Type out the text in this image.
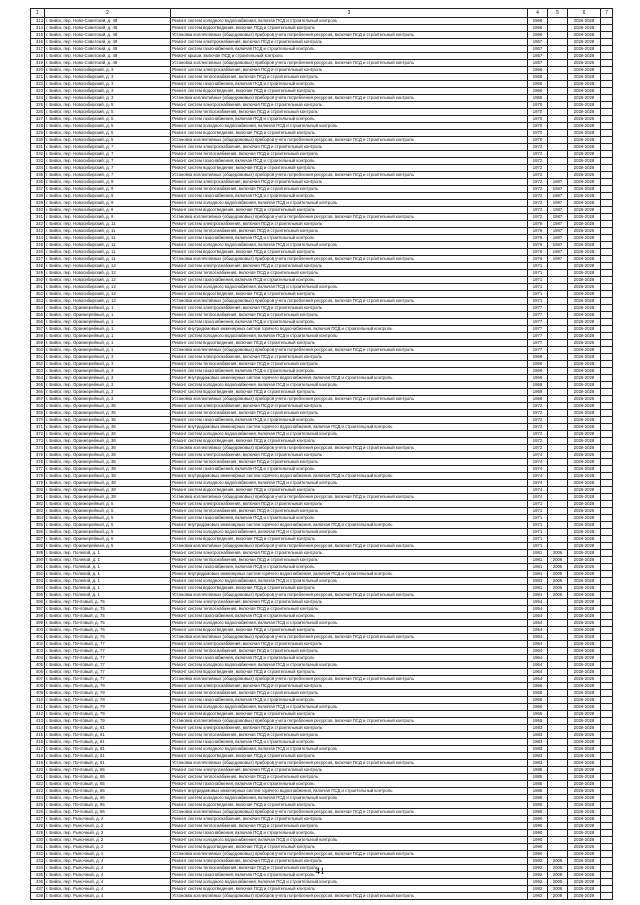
1	2	3	4	5	6	7
313	г. Бийск, пер. Ново-Советский, д. 48	Ремонт систем холодного водоснабжения, включая ПСД и строительный контроль	1968		2026-2028	
314	г. Бийск, пер. Ново-Советский, д. 48	Ремонт систем водоотведения, включая ПСД и строительный контроль	1968		2026-2028	
315	г. Бийск, пер. Ново-Советский, д. 48	Установка коллективных (общедомовых) приборов учета потребления ресурсов, включая ПСД и строительный контроль	1968		2026-2028	
316	г. Бийск, пер. Ново-Советский, д. 49	Ремонт систем электроснабжения, включая ПСД и строительный контроль	1957		2026-2028	
317	г. Бийск, пер. Ново-Советский, д. 49	Ремонт систем газоснабжения, включая ПСД и строительный контроль	1957		2026-2028	
318	г. Бийск, пер. Ново-Советский, д. 49	Ремонт крыши, включая ПСД и строительный контроль	1957		2026-2028	
319	г. Бийск, пер. Ново-Советский, д. 49	Установка коллективных (общедомовых) приборов учета потребления ресурсов, включая ПСД и строительный контроль	1957		2026-2028	
320	г. Бийск, пер. Новосибирский, д. 3	Ремонт систем электроснабжения, включая ПСД и строительный контроль	1965		2026-2028	
321	г. Бийск, пер. Новосибирский, д. 3	Ремонт систем теплоснабжения, включая ПСД и строительный контроль	1965		2026-2028	
322	г. Бийск, пер. Новосибирский, д. 3	Ремонт систем газоснабжения, включая ПСД и строительный контроль	1965		2026-2028	
323	г. Бийск, пер. Новосибирский, д. 3	Ремонт систем водоотведения, включая ПСД и строительный контроль	1965		2026-2028	
324	г. Бийск, пер. Новосибирский, д. 3	Установка коллективных (общедомовых) приборов учета потребления ресурсов, включая ПСД и строительный контроль	1965		2026-2028	
325	г. Бийск, пер. Новосибирский, д. 5	Ремонт систем электроснабжения, включая ПСД и строительный контроль	1970		2026-2028	
326	г. Бийск, пер. Новосибирский, д. 5	Ремонт систем теплоснабжения, включая ПСД и строительный контроль	1970		2026-2028	
327	г. Бийск, пер. Новосибирский, д. 5	Ремонт систем газоснабжения, включая ПСД и строительный контроль	1970		2026-2028	
328	г. Бийск, пер. Новосибирский, д. 5	Ремонт систем холодного водоснабжения, включая ПСД и строительный контроль	1970		2026-2028	
329	г. Бийск, пер. Новосибирский, д. 5	Ремонт систем водоотведения, включая ПСД и строительный контроль	1970		2026-2028	
330	г. Бийск, пер. Новосибирский, д. 5	Установка коллективных (общедомовых) приборов учета потребления ресурсов, включая ПСД и строительный контроль	1970		2026-2028	
331	г. Бийск, пер. Новосибирский, д. 7	Ремонт систем электроснабжения, включая ПСД и строительный контроль	1972		2026-2028	
332	г. Бийск, пер. Новосибирский, д. 7	Ремонт систем теплоснабжения, включая ПСД и строительный контроль	1972		2026-2028	
333	г. Бийск, пер. Новосибирский, д. 7	Ремонт систем газоснабжения, включая ПСД и строительный контроль	1972		2026-2028	
334	г. Бийск, пер. Новосибирский, д. 7	Ремонт систем водоотведения, включая ПСД и строительный контроль	1972		2026-2028	
335	г. Бийск, пер. Новосибирский, д. 7	Установка коллективных (общедомовых) приборов учета потребления ресурсов, включая ПСД и строительный контроль	1972		2026-2028	
336	г. Бийск, пер. Новосибирский, д. 9	Ремонт систем электроснабжения, включая ПСД и строительный контроль	1972	1987	2026-2028	
337	г. Бийск, пер. Новосибирский, д. 9	Ремонт систем теплоснабжения, включая ПСД и строительный контроль	1972	1987	2026-2028	
338	г. Бийск, пер. Новосибирский, д. 9	Ремонт систем газоснабжения, включая ПСД и строительный контроль	1972	1987	2026-2028	
339	г. Бийск, пер. Новосибирский, д. 9	Ремонт систем холодного водоснабжения, включая ПСД и строительный контроль	1972	1987	2026-2028	
340	г. Бийск, пер. Новосибирский, д. 9	Ремонт систем водоотведения, включая ПСД и строительный контроль	1972	1987	2026-2028	
341	г. Бийск, пер. Новосибирский, д. 9	Установка коллективных (общедомовых) приборов учета потребления ресурсов, включая ПСД и строительный контроль	1972	1987	2026-2028	
342	г. Бийск, пер. Новосибирский, д. 11	Ремонт систем электроснабжения, включая ПСД и строительный контроль	1976	1987	2026-2028	
343	г. Бийск, пер. Новосибирский, д. 11	Ремонт систем теплоснабжения, включая ПСД и строительный контроль	1976	1987	2026-2028	
344	г. Бийск, пер. Новосибирский, д. 11	Ремонт систем газоснабжения, включая ПСД и строительный контроль	1976	1987	2026-2028	
345	г. Бийск, пер. Новосибирский, д. 11	Ремонт систем холодного водоснабжения, включая ПСД и строительный контроль	1976	1987	2026-2028	
346	г. Бийск, пер. Новосибирский, д. 11	Ремонт систем водоотведения, включая ПСД и строительный контроль	1976	1987	2026-2028	
347	г. Бийск, пер. Новосибирский, д. 11	Установка коллективных (общедомовых) приборов учета потребления ресурсов, включая ПСД и строительный контроль	1976	1987	2026-2028	
348	г. Бийск, пер. Новосибирский, д. 12	Ремонт систем электроснабжения, включая ПСД и строительный контроль	1971		2026-2028	
349	г. Бийск, пер. Новосибирский, д. 12	Ремонт систем теплоснабжения, включая ПСД и строительный контроль	1971		2026-2028	
350	г. Бийск, пер. Новосибирский, д. 12	Ремонт систем газоснабжения, включая ПСД и строительный контроль	1971		2026-2028	
351	г. Бийск, пер. Новосибирский, д. 12	Ремонт систем холодного водоснабжения, включая ПСД и строительный контроль	1971		2026-2028	
352	г. Бийск, пер. Новосибирский, д. 12	Ремонт систем водоотведения, включая ПСД и строительный контроль	1971		2026-2028	
353	г. Бийск, пер. Новосибирский, д. 12	Установка коллективных (общедомовых) приборов учета потребления ресурсов, включая ПСД и строительный контроль	1971		2026-2028	
354	г. Бийск, пер. Оранжерейный, д. 1	Ремонт систем электроснабжения, включая ПСД и строительный контроль	1977		2026-2028	
355	г. Бийск, пер. Оранжерейный, д. 1	Ремонт систем теплоснабжения, включая ПСД и строительный контроль	1977		2026-2028	
356	г. Бийск, пер. Оранжерейный, д. 1	Ремонт систем газоснабжения, включая ПСД и строительный контроль	1977		2026-2028	
357	г. Бийск, пер. Оранжерейный, д. 1	Ремонт внутридомовых инженерных систем горячего водоснабжения, включая ПСД и строительный контроль	1977		2026-2028	
358	г. Бийск, пер. Оранжерейный, д. 1	Ремонт систем холодного водоснабжения, включая ПСД и строительный контроль	1977		2026-2028	
359	г. Бийск, пер. Оранжерейный, д. 1	Ремонт систем водоотведения, включая ПСД и строительный контроль	1977		2026-2028	
360	г. Бийск, пер. Оранжерейный, д. 1	Установка коллективных (общедомовых) приборов учета потребления ресурсов, включая ПСД и строительный контроль	1977		2026-2028	
361	г. Бийск, пер. Оранжерейный, д. 3	Ремонт систем электроснабжения, включая ПСД и строительный контроль	1969		2026-2028	
362	г. Бийск, пер. Оранжерейный, д. 3	Ремонт систем теплоснабжения, включая ПСД и строительный контроль	1969		2026-2028	
363	г. Бийск, пер. Оранжерейный, д. 3	Ремонт систем газоснабжения, включая ПСД и строительный контроль	1969		2026-2028	
364	г. Бийск, пер. Оранжерейный, д. 3	Ремонт внутридомовых инженерных систем горячего водоснабжения, включая ПСД и строительный контроль	1969		2026-2028	
365	г. Бийск, пер. Оранжерейный, д. 3	Ремонт систем холодного водоснабжения, включая ПСД и строительный контроль	1969		2026-2028	
366	г. Бийск, пер. Оранжерейный, д. 3	Ремонт систем водоотведения, включая ПСД и строительный контроль	1969		2026-2028	
367	г. Бийск, пер. Оранжерейный, д. 3	Установка коллективных (общедомовых) приборов учета потребления ресурсов, включая ПСД и строительный контроль	1969		2026-2028	
368	г. Бийск, пер. Оранжерейный, д. 36	Ремонт систем электроснабжения, включая ПСД и строительный контроль	1972		2026-2028	
369	г. Бийск, пер. Оранжерейный, д. 36	Ремонт систем теплоснабжения, включая ПСД и строительный контроль	1972		2026-2028	
370	г. Бийск, пер. Оранжерейный, д. 36	Ремонт систем газоснабжения, включая ПСД и строительный контроль	1972		2026-2028	
371	г. Бийск, пер. Оранжерейный, д. 36	Ремонт внутридомовых инженерных систем горячего водоснабжения, включая ПСД и строительный контроль	1972		2026-2028	
372	г. Бийск, пер. Оранжерейный, д. 36	Ремонт систем холодного водоснабжения, включая ПСД и строительный контроль	1972		2026-2028	
373	г. Бийск, пер. Оранжерейный, д. 36	Ремонт систем водоотведения, включая ПСД и строительный контроль	1972		2026-2028	
374	г. Бийск, пер. Оранжерейный, д. 36	Установка коллективных (общедомовых) приборов учета потребления ресурсов, включая ПСД и строительный контроль	1972		2026-2028	
375	г. Бийск, пер. Оранжерейный, д. 38	Ремонт систем электроснабжения, включая ПСД и строительный контроль	1974		2026-2028	
376	г. Бийск, пер. Оранжерейный, д. 38	Ремонт систем теплоснабжения, включая ПСД и строительный контроль	1974		2026-2028	
377	г. Бийск, пер. Оранжерейный, д. 38	Ремонт систем газоснабжения, включая ПСД и строительный контроль	1974		2026-2028	
378	г. Бийск, пер. Оранжерейный, д. 38	Ремонт внутридомовых инженерных систем горячего водоснабжения, включая ПСД и строительный контроль	1974		2026-2028	
379	г. Бийск, пер. Оранжерейный, д. 38	Ремонт систем холодного водоснабжения, включая ПСД и строительный контроль	1974		2026-2028	
380	г. Бийск, пер. Оранжерейный, д. 38	Ремонт систем водоотведения, включая ПСД и строительный контроль	1974		2026-2028	
381	г. Бийск, пер. Оранжерейный, д. 38	Установка коллективных (общедомовых) приборов учета потребления ресурсов, включая ПСД и строительный контроль	1974		2026-2028	
382	г. Бийск, пер. Оранжерейный, д. 5	Ремонт систем электроснабжения, включая ПСД и строительный контроль	1971		2026-2028	
383	г. Бийск, пер. Оранжерейный, д. 5	Ремонт систем теплоснабжения, включая ПСД и строительный контроль	1971		2026-2028	
384	г. Бийск, пер. Оранжерейный, д. 5	Ремонт систем газоснабжения, включая ПСД и строительный контроль	1971		2026-2028	
385	г. Бийск, пер. Оранжерейный, д. 5	Ремонт внутридомовых инженерных систем горячего водоснабжения, включая ПСД и строительный контроль	1971		2026-2028	
386	г. Бийск, пер. Оранжерейный, д. 5	Ремонт систем холодного водоснабжения, включая ПСД и строительный контроль	1971		2026-2028	
387	г. Бийск, пер. Оранжерейный, д. 5	Ремонт систем водоотведения, включая ПСД и строительный контроль	1971		2026-2028	
388	г. Бийск, пер. Оранжерейный, д. 5	Установка коллективных (общедомовых) приборов учета потребления ресурсов, включая ПСД и строительный контроль	1971		2026-2028	
389	г. Бийск, пер. Полевой, д. 1	Ремонт систем электроснабжения, включая ПСД и строительный контроль	1981	2006	2026-2028	
390	г. Бийск, пер. Полевой, д. 1	Ремонт систем теплоснабжения, включая ПСД и строительный контроль	1981	2006	2026-2028	
391	г. Бийск, пер. Полевой, д. 1	Ремонт систем газоснабжения, включая ПСД и строительный контроль	1981	2006	2026-2028	
392	г. Бийск, пер. Полевой, д. 1	Ремонт внутридомовых инженерных систем горячего водоснабжения, включая ПСД и строительный контроль	1981	2006	2026-2028	
393	г. Бийск, пер. Полевой, д. 1	Ремонт систем холодного водоснабжения, включая ПСД и строительный контроль	1981	2006	2026-2028	
394	г. Бийск, пер. Полевой, д. 1	Ремонт систем водоотведения, включая ПСД и строительный контроль	1981	2006	2026-2028	
395	г. Бийск, пер. Полевой, д. 1	Установка коллективных (общедомовых) приборов учета потребления ресурсов, включая ПСД и строительный контроль	1981	2006	2026-2028	
396	г. Бийск, пер. Почтовый, д. 75	Ремонт систем электроснабжения, включая ПСД и строительный контроль	1954		2026-2028	
397	г. Бийск, пер. Почтовый, д. 75	Ремонт систем теплоснабжения, включая ПСД и строительный контроль	1954		2026-2028	
398	г. Бийск, пер. Почтовый, д. 75	Ремонт систем газоснабжения, включая ПСД и строительный контроль	1954		2026-2028	
399	г. Бийск, пер. Почтовый, д. 75	Ремонт систем холодного водоснабжения, включая ПСД и строительный контроль	1954		2026-2028	
400	г. Бийск, пер. Почтовый, д. 75	Ремонт систем водоотведения, включая ПСД и строительный контроль	1954		2026-2028	
401	г. Бийск, пер. Почтовый, д. 75	Установка коллективных (общедомовых) приборов учета потребления ресурсов, включая ПСД и строительный контроль	1954		2026-2028	
402	г. Бийск, пер. Почтовый, д. 77	Ремонт систем электроснабжения, включая ПСД и строительный контроль	1964		2026-2028	
403	г. Бийск, пер. Почтовый, д. 77	Ремонт систем теплоснабжения, включая ПСД и строительный контроль	1964		2026-2028	
404	г. Бийск, пер. Почтовый, д. 77	Ремонт систем газоснабжения, включая ПСД и строительный контроль	1964		2026-2028	
405	г. Бийск, пер. Почтовый, д. 77	Ремонт систем холодного водоснабжения, включая ПСД и строительный контроль	1964		2026-2028	
406	г. Бийск, пер. Почтовый, д. 77	Ремонт систем водоотведения, включая ПСД и строительный контроль	1964		2026-2028	
407	г. Бийск, пер. Почтовый, д. 77	Установка коллективных (общедомовых) приборов учета потребления ресурсов, включая ПСД и строительный контроль	1964		2026-2028	
408	г. Бийск, пер. Почтовый, д. 79	Ремонт систем электроснабжения, включая ПСД и строительный контроль	1965		2026-2028	
409	г. Бийск, пер. Почтовый, д. 79	Ремонт систем теплоснабжения, включая ПСД и строительный контроль	1965		2026-2028	
410	г. Бийск, пер. Почтовый, д. 79	Ремонт систем газоснабжения, включая ПСД и строительный контроль	1965		2026-2028	
411	г. Бийск, пер. Почтовый, д. 79	Ремонт систем холодного водоснабжения, включая ПСД и строительный контроль	1965		2026-2028	
412	г. Бийск, пер. Почтовый, д. 79	Ремонт систем водоотведения, включая ПСД и строительный контроль	1965		2026-2028	
413	г. Бийск, пер. Почтовый, д. 79	Установка коллективных (общедомовых) приборов учета потребления ресурсов, включая ПСД и строительный контроль	1965		2026-2028	
414	г. Бийск, пер. Почтовый, д. 81	Ремонт систем электроснабжения, включая ПСД и строительный контроль	1983		2026-2028	
415	г. Бийск, пер. Почтовый, д. 81	Ремонт систем теплоснабжения, включая ПСД и строительный контроль	1983		2026-2028	
416	г. Бийск, пер. Почтовый, д. 81	Ремонт систем газоснабжения, включая ПСД и строительный контроль	1983		2026-2028	
417	г. Бийск, пер. Почтовый, д. 81	Ремонт систем холодного водоснабжения, включая ПСД и строительный контроль	1983		2026-2028	
418	г. Бийск, пер. Почтовый, д. 81	Ремонт систем водоотведения, включая ПСД и строительный контроль	1983		2026-2028	
419	г. Бийск, пер. Почтовый, д. 81	Установка коллективных (общедомовых) приборов учета потребления ресурсов, включая ПСД и строительный контроль	1983		2026-2028	
420	г. Бийск, пер. Почтовый, д. 85	Ремонт систем электроснабжения, включая ПСД и строительный контроль	1985		2026-2028	
421	г. Бийск, пер. Почтовый, д. 85	Ремонт систем теплоснабжения, включая ПСД и строительный контроль	1985		2026-2028	
422	г. Бийск, пер. Почтовый, д. 85	Ремонт систем газоснабжения, включая ПСД и строительный контроль	1985		2026-2028	
423	г. Бийск, пер. Почтовый, д. 85	Ремонт внутридомовых инженерных систем горячего водоснабжения, включая ПСД и строительный контроль	1985		2026-2028	
424	г. Бийск, пер. Почтовый, д. 85	Ремонт систем холодного водоснабжения, включая ПСД и строительный контроль	1985		2026-2028	
425	г. Бийск, пер. Почтовый, д. 85	Ремонт систем водоотведения, включая ПСД и строительный контроль	1985		2026-2028	
426	г. Бийск, пер. Почтовый, д. 85	Установка коллективных (общедомовых) приборов учета потребления ресурсов, включая ПСД и строительный контроль	1985		2026-2028	
427	г. Бийск, пер. Рыночный, д. 2	Ремонт систем электроснабжения, включая ПСД и строительный контроль	1990		2026-2028	
428	г. Бийск, пер. Рыночный, д. 2	Ремонт систем теплоснабжения, включая ПСД и строительный контроль	1990		2026-2028	
429	г. Бийск, пер. Рыночный, д. 2	Ремонт систем газоснабжения, включая ПСД и строительный контроль	1990		2026-2028	
430	г. Бийск, пер. Рыночный, д. 2	Ремонт систем холодного водоснабжения, включая ПСД и строительный контроль	1990		2026-2028	
431	г. Бийск, пер. Рыночный, д. 2	Ремонт систем водоотведения, включая ПСД и строительный контроль	1990		2026-2028	
432	г. Бийск, пер. Рыночный, д. 2	Установка коллективных (общедомовых) приборов учета потребления ресурсов, включая ПСД и строительный контроль	1990		2026-2028	
433	г. Бийск, пер. Рыночный, д. 4	Ремонт систем электроснабжения, включая ПСД и строительный контроль	1992	2008	2026-2028	
434	г. Бийск, пер. Рыночный, д. 4	Ремонт систем теплоснабжения, включая ПСД и строительный контроль	1992	2008	2026-2028	
435	г. Бийск, пер. Рыночный, д. 4	Ремонт систем газоснабжения, включая ПСД и строительный контроль	1992	2008	2026-2028	
436	г. Бийск, пер. Рыночный, д. 4	Ремонт систем холодного водоснабжения, включая ПСД и строительный контроль	1992	2008	2026-2028	
437	г. Бийск, пер. Рыночный, д. 4	Ремонт систем водоотведения, включая ПСД и строительный контроль	1992	2008	2026-2028	
438	г. Бийск, пер. Рыночный, д. 4	Установка коллективных (общедомовых) приборов учета потребления ресурсов, включая ПСД и строительный контроль	1992	2008	2026-2028	
41
